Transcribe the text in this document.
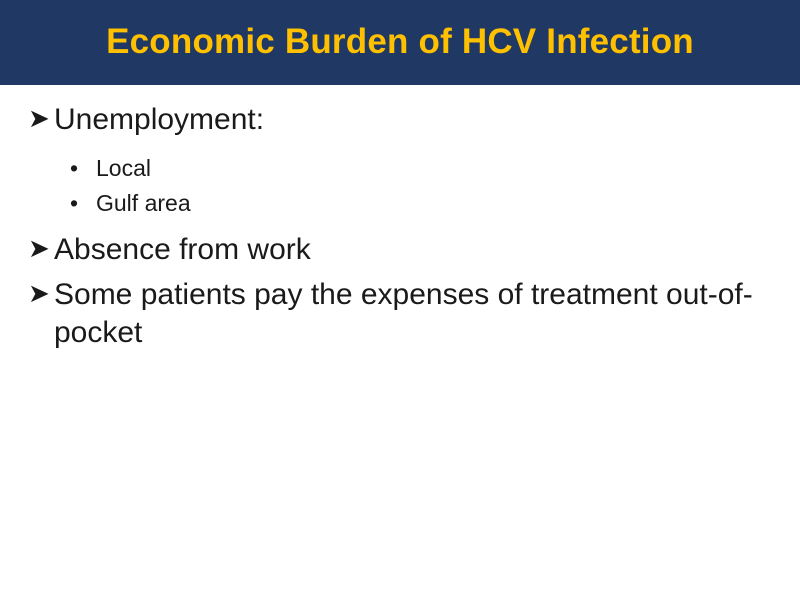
Economic Burden of HCV Infection
➤ Unemployment:
• Local
• Gulf area
➤ Absence from work
➤ Some patients pay the expenses of treatment out-of-pocket
